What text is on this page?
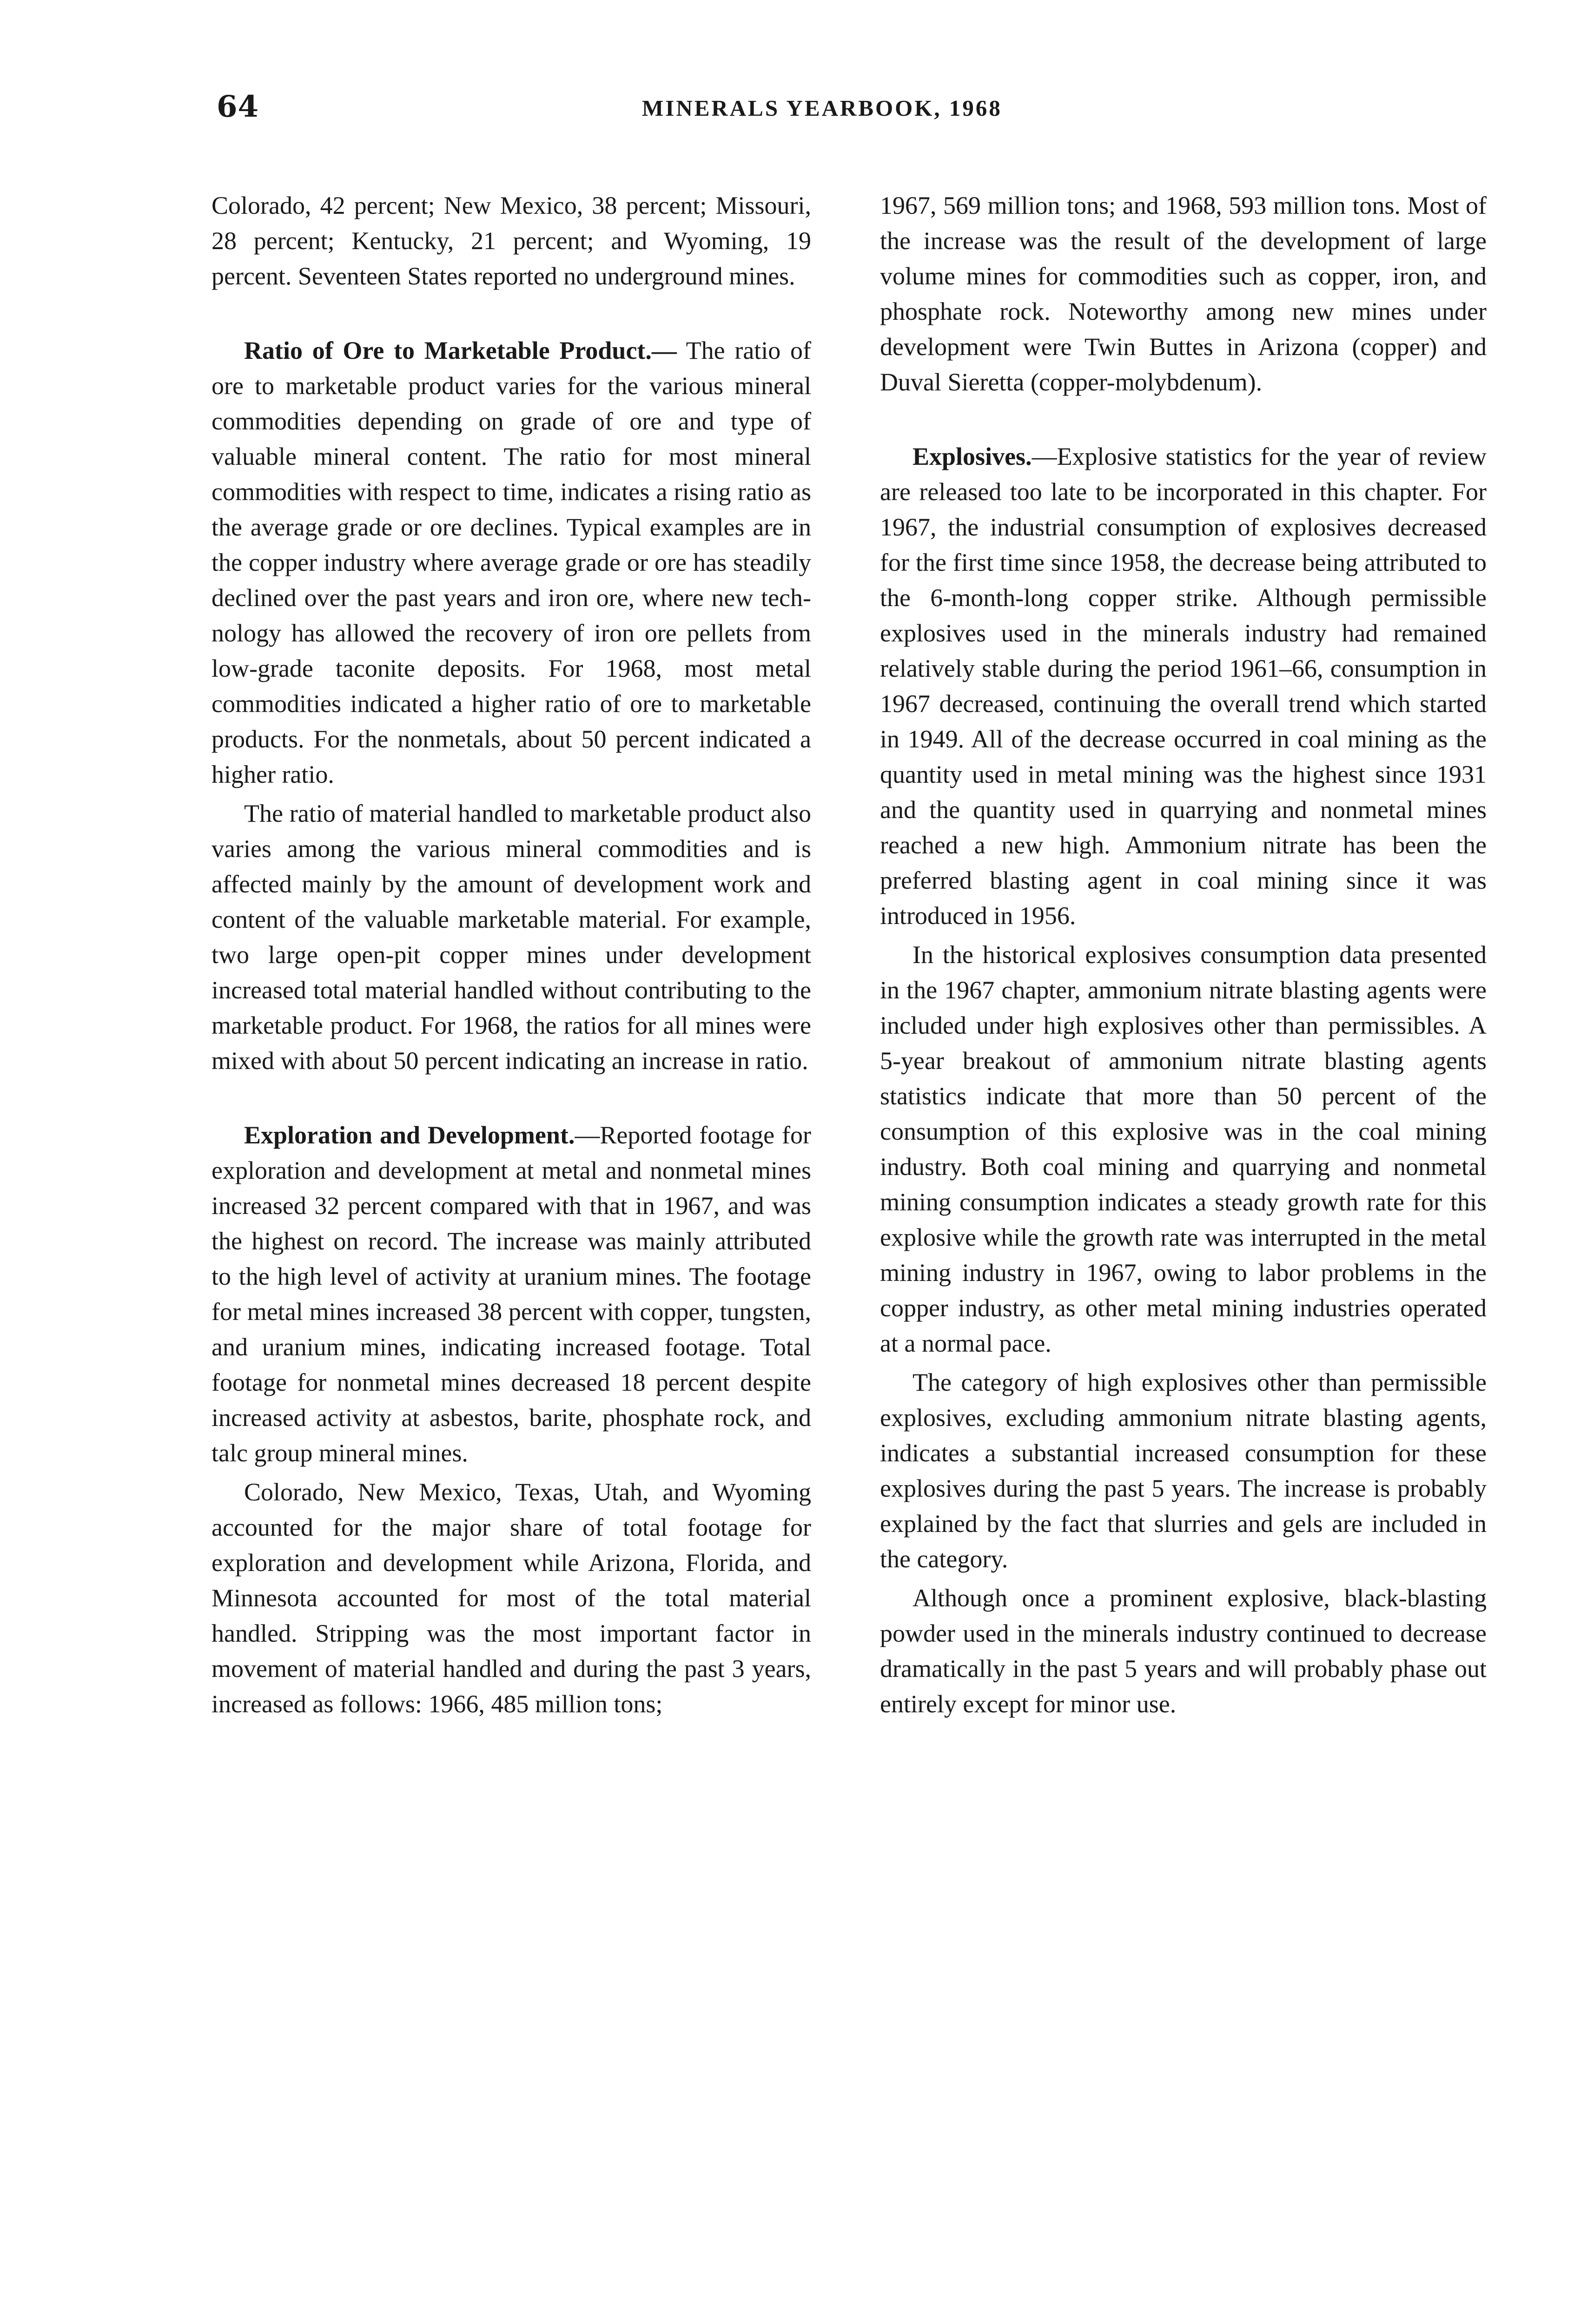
64	MINERALS YEARBOOK, 1968

Colorado, 42 percent; New Mexico, 38 percent; Missouri, 28 percent; Kentucky, 21 percent; and Wyoming, 19 percent. Seventeen States reported no underground mines.

Ratio of Ore to Marketable Product.— The ratio of ore to marketable product varies for the various mineral commodities depending on grade of ore and type of valuable mineral content. The ratio for most mineral commodities with respect to time, indicates a rising ratio as the average grade or ore declines. Typical examples are in the copper industry where average grade or ore has steadily declined over the past years and iron ore, where new technology has allowed the recovery of iron ore pellets from low-grade taconite deposits. For 1968, most metal commodities indicated a higher ratio of ore to marketable products. For the nonmetals, about 50 percent indicated a higher ratio.

The ratio of material handled to marketable product also varies among the various mineral commodities and is affected mainly by the amount of development work and content of the valuable marketable material. For example, two large open-pit copper mines under development increased total material handled without contributing to the marketable product. For 1968, the ratios for all mines were mixed with about 50 percent indicating an increase in ratio.

Exploration and Development.—Reported footage for exploration and development at metal and nonmetal mines increased 32 percent compared with that in 1967, and was the highest on record. The increase was mainly attributed to the high level of activity at uranium mines. The footage for metal mines increased 38 percent with copper, tungsten, and uranium mines, indicating increased footage. Total footage for nonmetal mines decreased 18 percent despite increased activity at asbestos, barite, phosphate rock, and talc group mineral mines.

Colorado, New Mexico, Texas, Utah, and Wyoming accounted for the major share of total footage for exploration and development while Arizona, Florida, and Minnesota accounted for most of the total material handled. Stripping was the most important factor in movement of material handled and during the past 3 years, increased as follows: 1966, 485 million tons;

1967, 569 million tons; and 1968, 593 million tons. Most of the increase was the result of the development of large volume mines for commodities such as copper, iron, and phosphate rock. Noteworthy among new mines under development were Twin Buttes in Arizona (copper) and Duval Sieretta (copper-molybdenum).

Explosives.—Explosive statistics for the year of review are released too late to be incorporated in this chapter. For 1967, the industrial consumption of explosives decreased for the first time since 1958, the decrease being attributed to the 6-month-long copper strike. Although permissible explosives used in the minerals industry had remained relatively stable during the period 1961–66, consumption in 1967 decreased, continuing the overall trend which started in 1949. All of the decrease occurred in coal mining as the quantity used in metal mining was the highest since 1931 and the quantity used in quarrying and nonmetal mines reached a new high. Ammonium nitrate has been the preferred blasting agent in coal mining since it was introduced in 1956.

In the historical explosives consumption data presented in the 1967 chapter, ammonium nitrate blasting agents were included under high explosives other than permissibles. A 5-year breakout of ammonium nitrate blasting agents statistics indicate that more than 50 percent of the consumption of this explosive was in the coal mining industry. Both coal mining and quarrying and nonmetal mining consumption indicates a steady growth rate for this explosive while the growth rate was interrupted in the metal mining industry in 1967, owing to labor problems in the copper industry, as other metal mining industries operated at a normal pace.

The category of high explosives other than permissible explosives, excluding ammonium nitrate blasting agents, indicates a substantial increased consumption for these explosives during the past 5 years. The increase is probably explained by the fact that slurries and gels are included in the category.

Although once a prominent explosive, black-blasting powder used in the minerals industry continued to decrease dramatically in the past 5 years and will probably phase out entirely except for minor use.
